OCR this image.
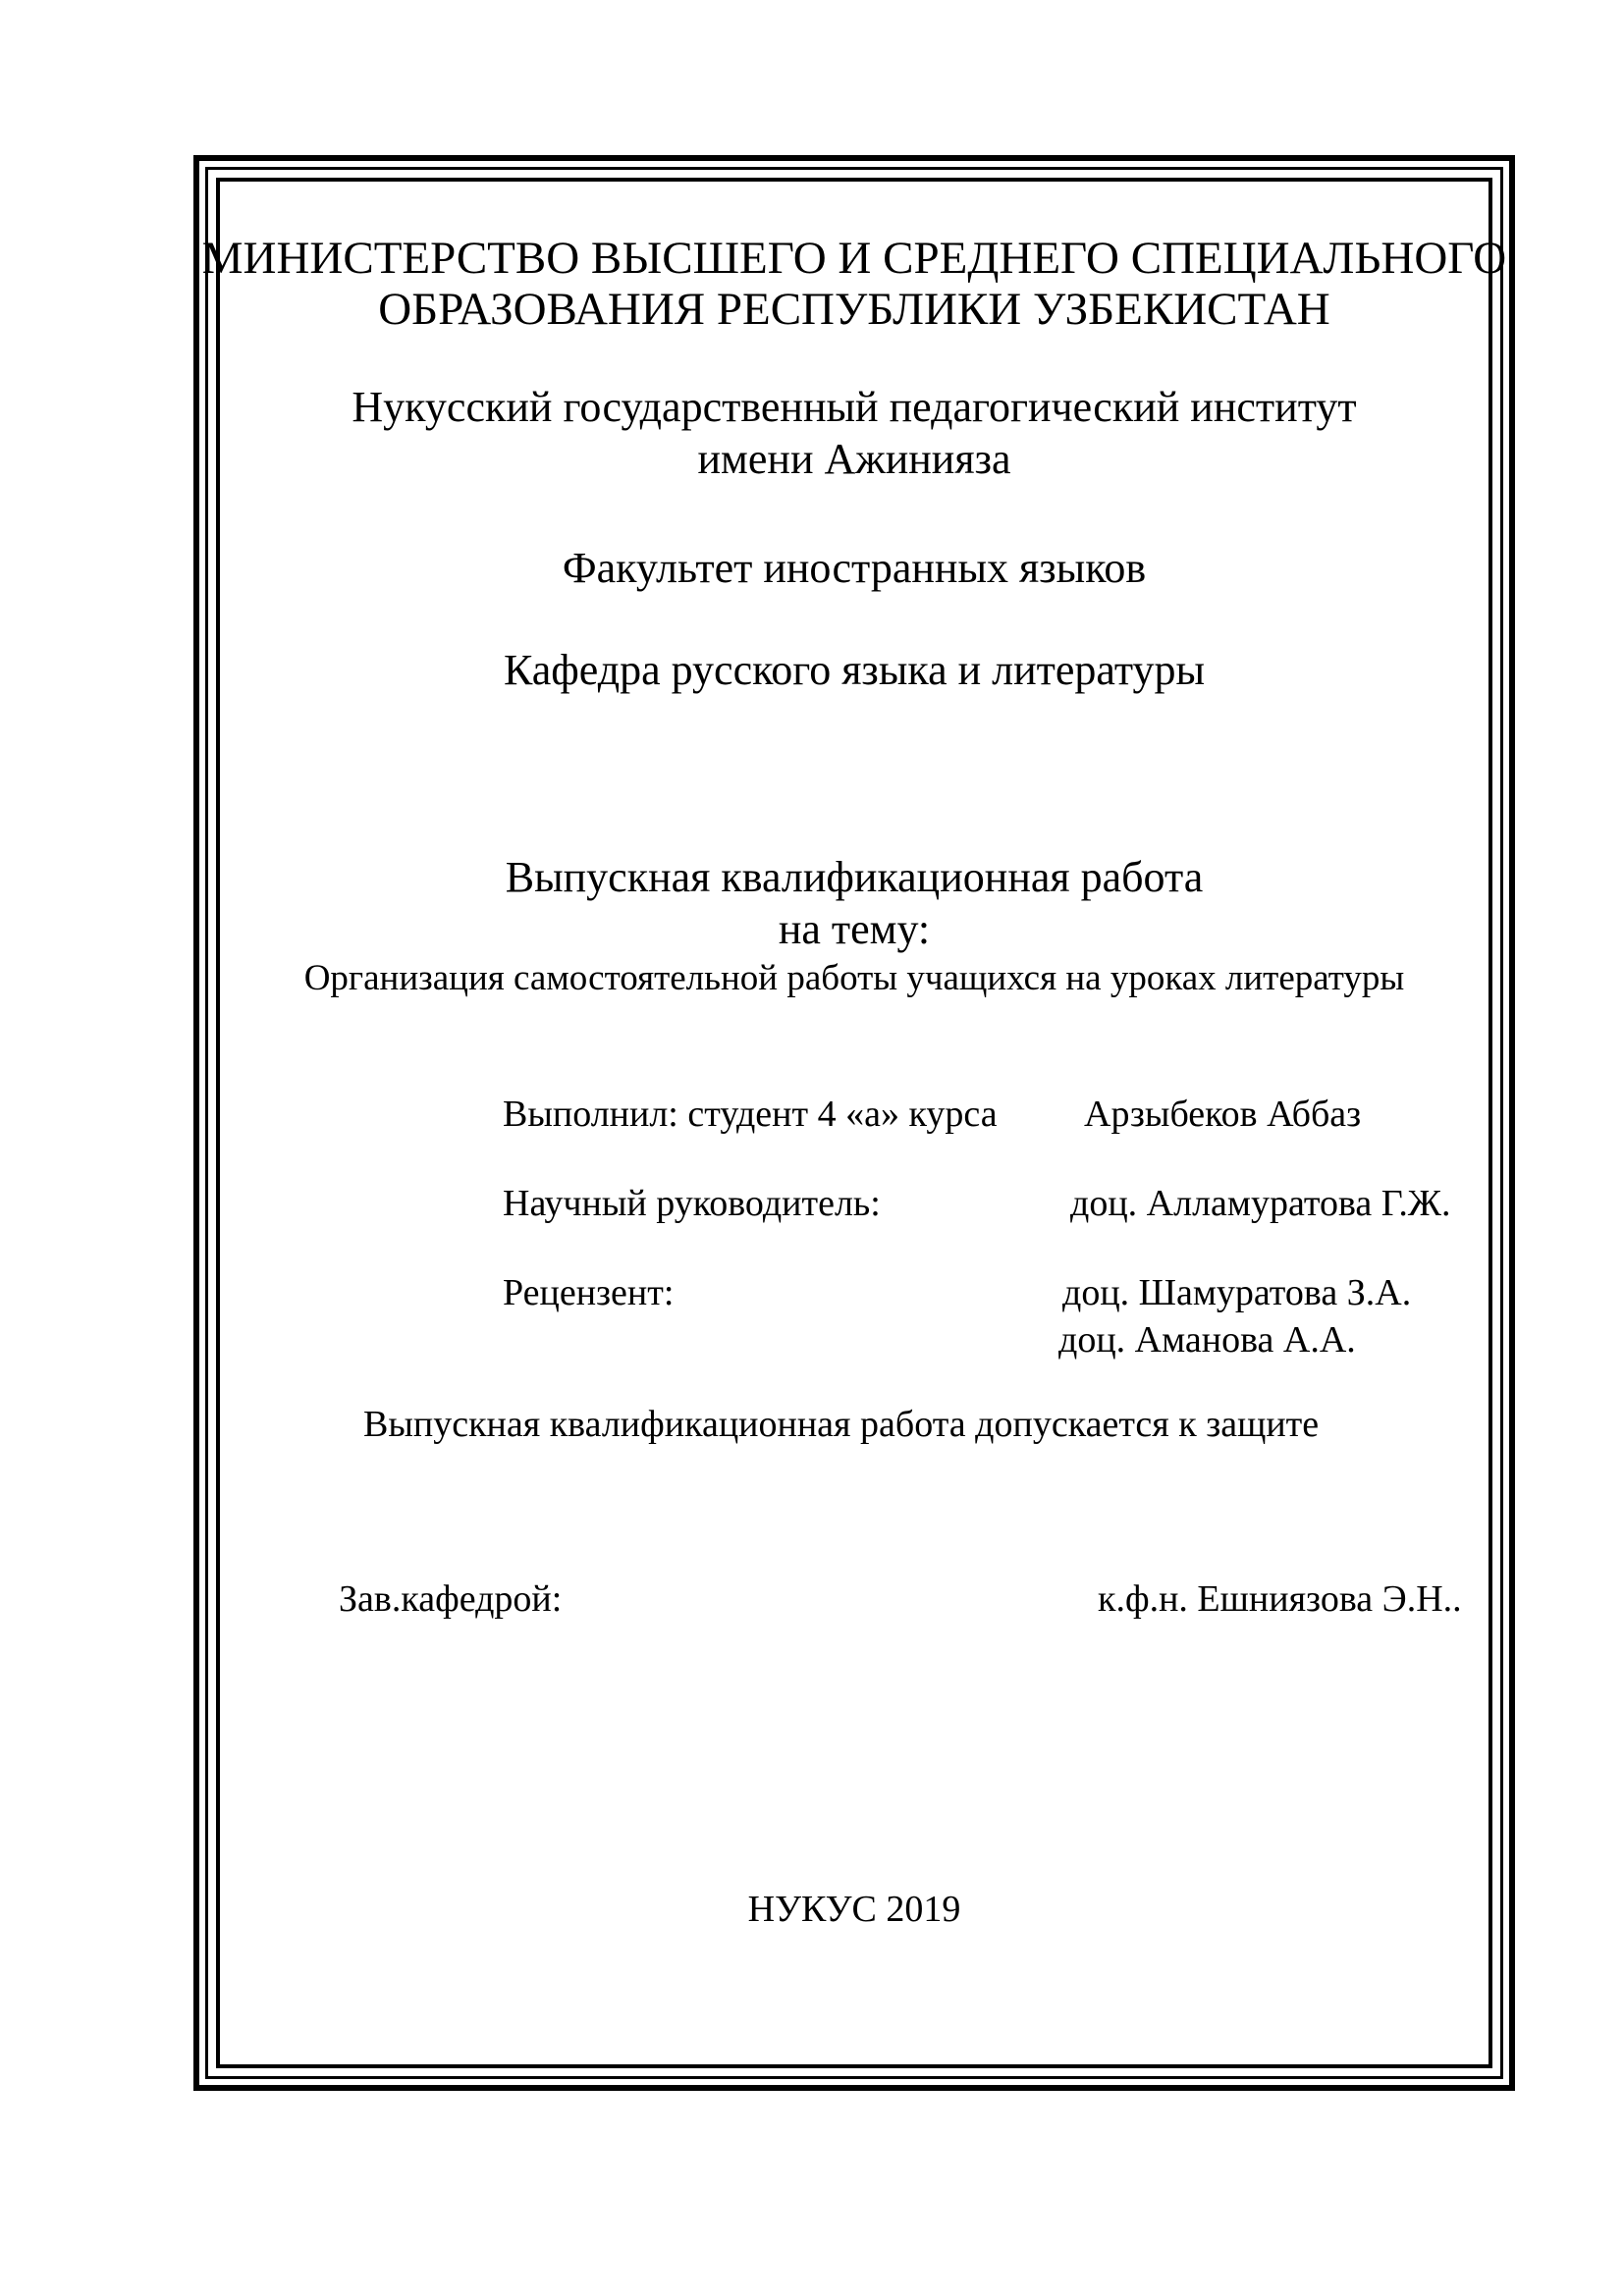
МИНИСТЕРСТВО ВЫСШЕГО И СРЕДНЕГО СПЕЦИАЛЬНОГО
ОБРАЗОВАНИЯ РЕСПУБЛИКИ УЗБЕКИСТАН
Нукусский государственный педагогический институт
имени Ажинияза
Факультет иностранных языков
Кафедра русского языка и литературы
Выпускная квалификационная работа
на тему:
Организация самостоятельной работы учащихся на уроках литературы
Выполнил: студент 4 «а» курса Арзыбеков Аббаз
Научный руководитель:	доц. Алламуратова Г.Ж.
Рецензент:	доц. Шамуратова З.А.
доц. Аманова А.А.
Выпускная квалификационная работа допускается к защите
Зав.кафедрой:	к.ф.н. Ешниязова Э.Н..
НУКУС 2019
